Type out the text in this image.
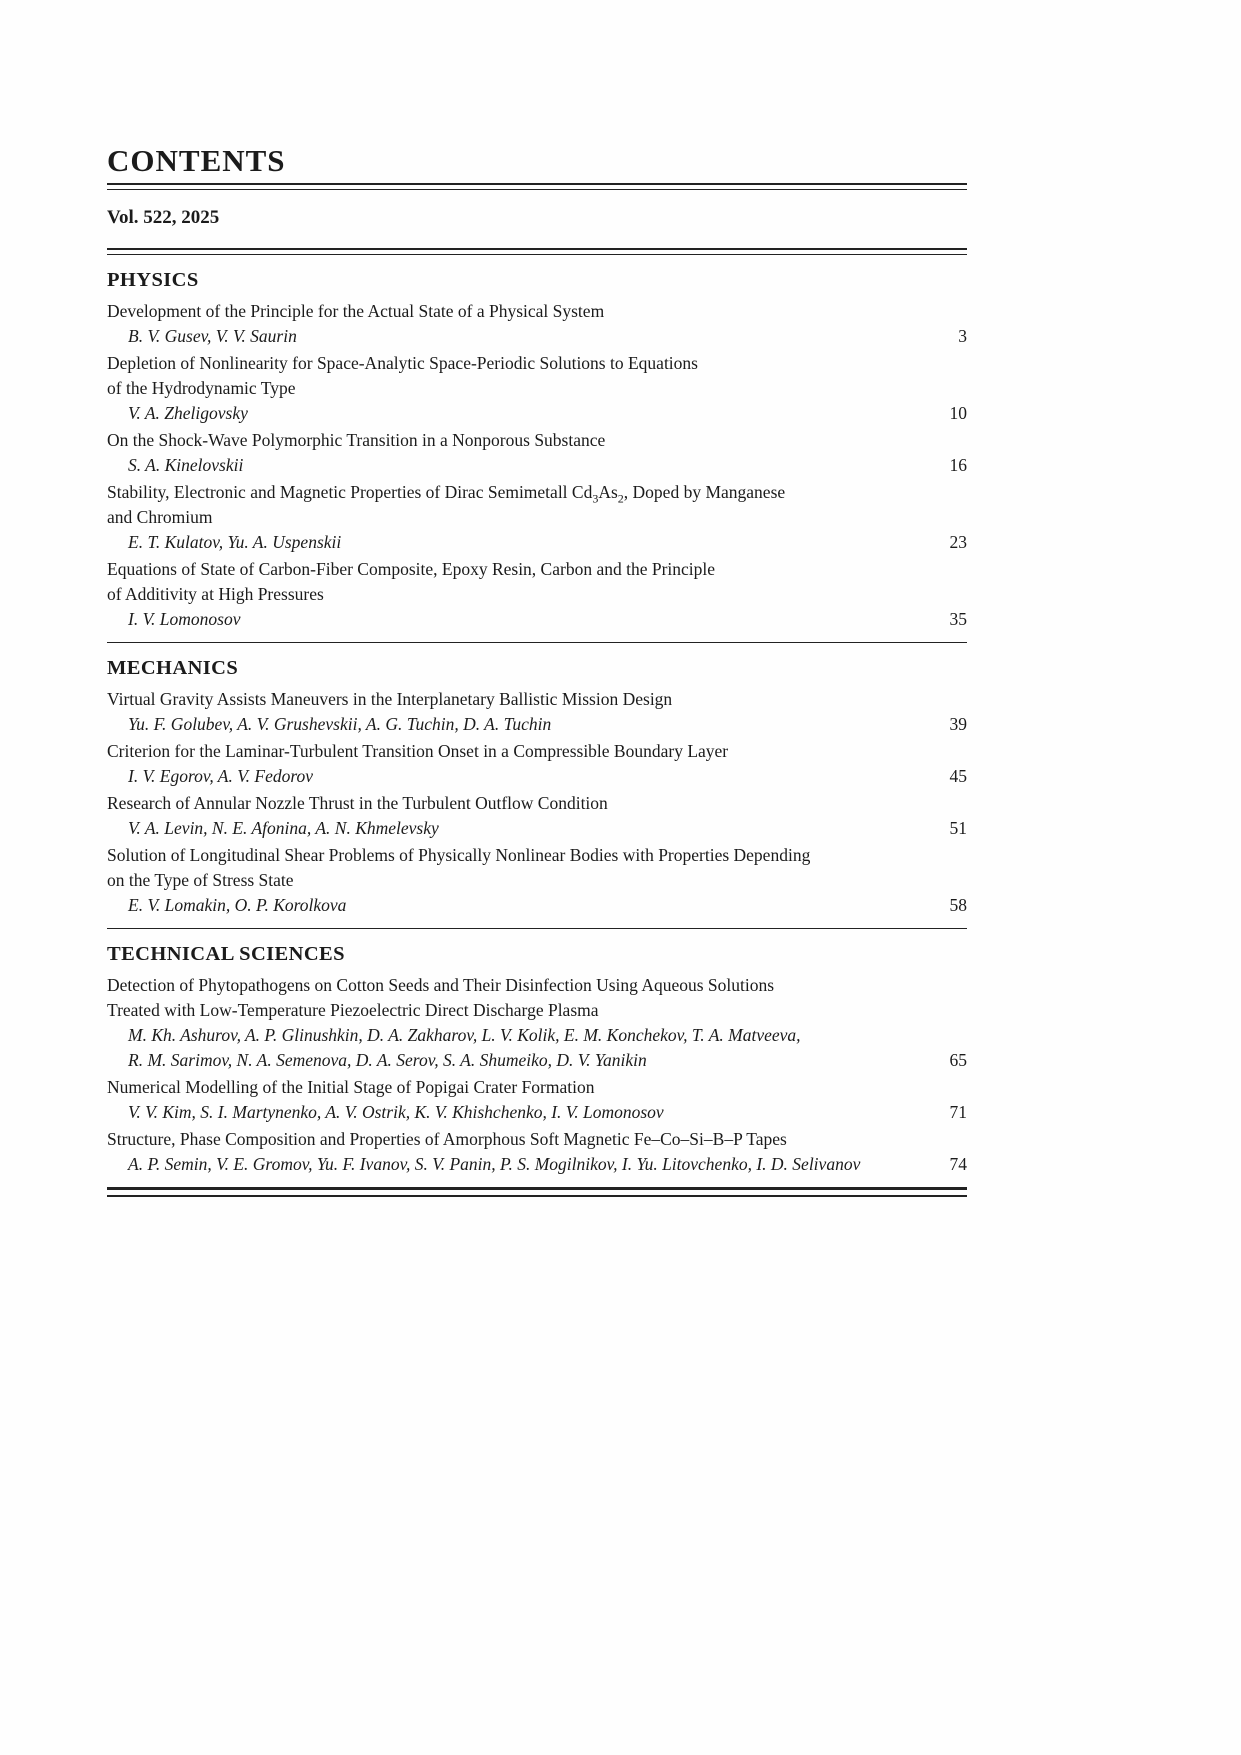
CONTENTS
Vol. 522, 2025
PHYSICS
Development of the Principle for the Actual State of a Physical System
B. V. Gusev, V. V. Saurin	3
Depletion of Nonlinearity for Space-Analytic Space-Periodic Solutions to Equations
of the Hydrodynamic Type
V. A. Zheligovsky	10
On the Shock-Wave Polymorphic Transition in a Nonporous Substance
S. A. Kinelovskii	16
Stability, Electronic and Magnetic Properties of Dirac Semimetall $Cd_3As_2$, Doped by Manganese
and Chromium
E. T. Kulatov, Yu. A. Uspenskii	23
Equations of State of Carbon-Fiber Composite, Epoxy Resin, Carbon and the Principle
of Additivity at High Pressures
I. V. Lomonosov	35
MECHANICS
Virtual Gravity Assists Maneuvers in the Interplanetary Ballistic Mission Design
Yu. F. Golubev, A. V. Grushevskii, A. G. Tuchin, D. A. Tuchin	39
Criterion for the Laminar-Turbulent Transition Onset in a Compressible Boundary Layer
I. V. Egorov, A. V. Fedorov	45
Research of Annular Nozzle Thrust in the Turbulent Outflow Condition
V. A. Levin, N. E. Afonina, A. N. Khmelevsky	51
Solution of Longitudinal Shear Problems of Physically Nonlinear Bodies with Properties Depending
on the Type of Stress State
E. V. Lomakin, O. P. Korolkova	58
TECHNICAL SCIENCES
Detection of Phytopathogens on Cotton Seeds and Their Disinfection Using Aqueous Solutions
Treated with Low-Temperature Piezoelectric Direct Discharge Plasma
M. Kh. Ashurov, A. P. Glinushkin, D. A. Zakharov, L. V. Kolik, E. M. Konchekov, T. A. Matveeva,
R. M. Sarimov, N. A. Semenova, D. A. Serov, S. A. Shumeiko, D. V. Yanikin	65
Numerical Modelling of the Initial Stage of Popigai Crater Formation
V. V. Kim, S. I. Martynenko, A. V. Ostrik, K. V. Khishchenko, I. V. Lomonosov	71
Structure, Phase Composition and Properties of Amorphous Soft Magnetic Fe–Co–Si–B–P Tapes
A. P. Semin, V. E. Gromov, Yu. F. Ivanov, S. V. Panin, P. S. Mogilnikov, I. Yu. Litovchenko, I. D. Selivanov	74
